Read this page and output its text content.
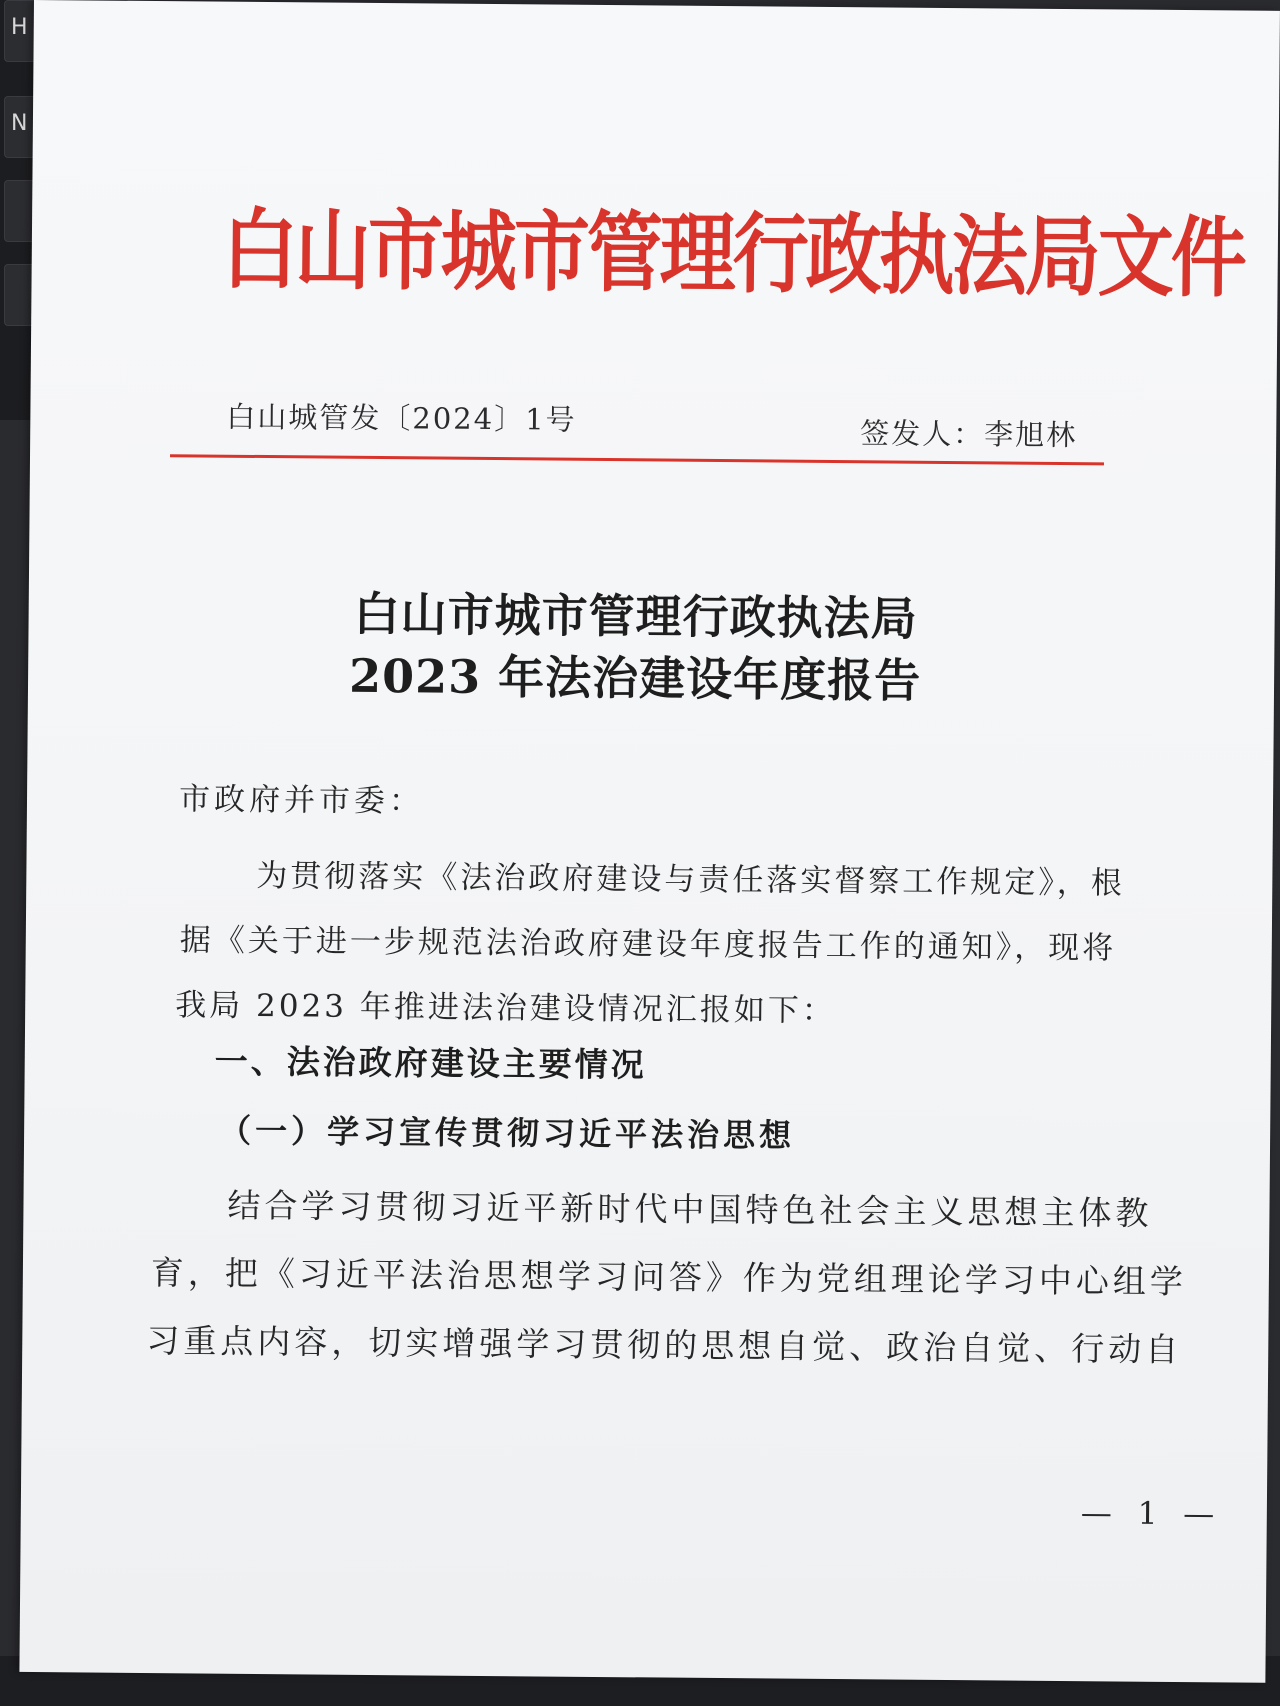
H
N
白山市城市管理行政执法局文件
白山城管发〔2024〕1号	签发人：李旭林
白山市城市管理行政执法局
2023 年法治建设年度报告
市政府并市委：
为贯彻落实《法治政府建设与责任落实督察工作规定》，根
据《关于进一步规范法治政府建设年度报告工作的通知》，现将
我局 2023 年推进法治建设情况汇报如下：
一、法治政府建设主要情况
（一）学习宣传贯彻习近平法治思想
结合学习贯彻习近平新时代中国特色社会主义思想主体教
育，把《习近平法治思想学习问答》作为党组理论学习中心组学
习重点内容，切实增强学习贯彻的思想自觉、政治自觉、行动自
— 1 —
